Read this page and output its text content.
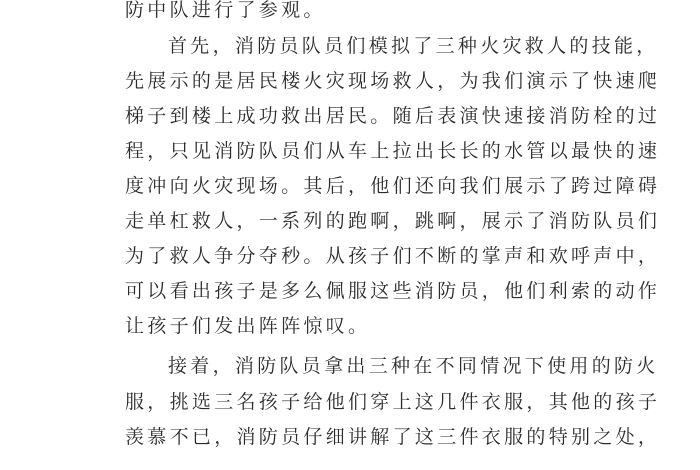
防中队进行了参观。
首先，消防员队员们模拟了三种火灾救人的技能，
先展示的是居民楼火灾现场救人，为我们演示了快速爬
梯子到楼上成功救出居民。随后表演快速接消防栓的过
程，只见消防队员们从车上拉出长长的水管以最快的速
度冲向火灾现场。其后，他们还向我们展示了跨过障碍
走单杠救人，一系列的跑啊，跳啊，展示了消防队员们
为了救人争分夺秒。从孩子们不断的掌声和欢呼声中，
可以看出孩子是多么佩服这些消防员，他们利索的动作
让孩子们发出阵阵惊叹。
接着，消防队员拿出三种在不同情况下使用的防火
服，挑选三名孩子给他们穿上这几件衣服，其他的孩子
羡慕不已，消防员仔细讲解了这三件衣服的特别之处，
